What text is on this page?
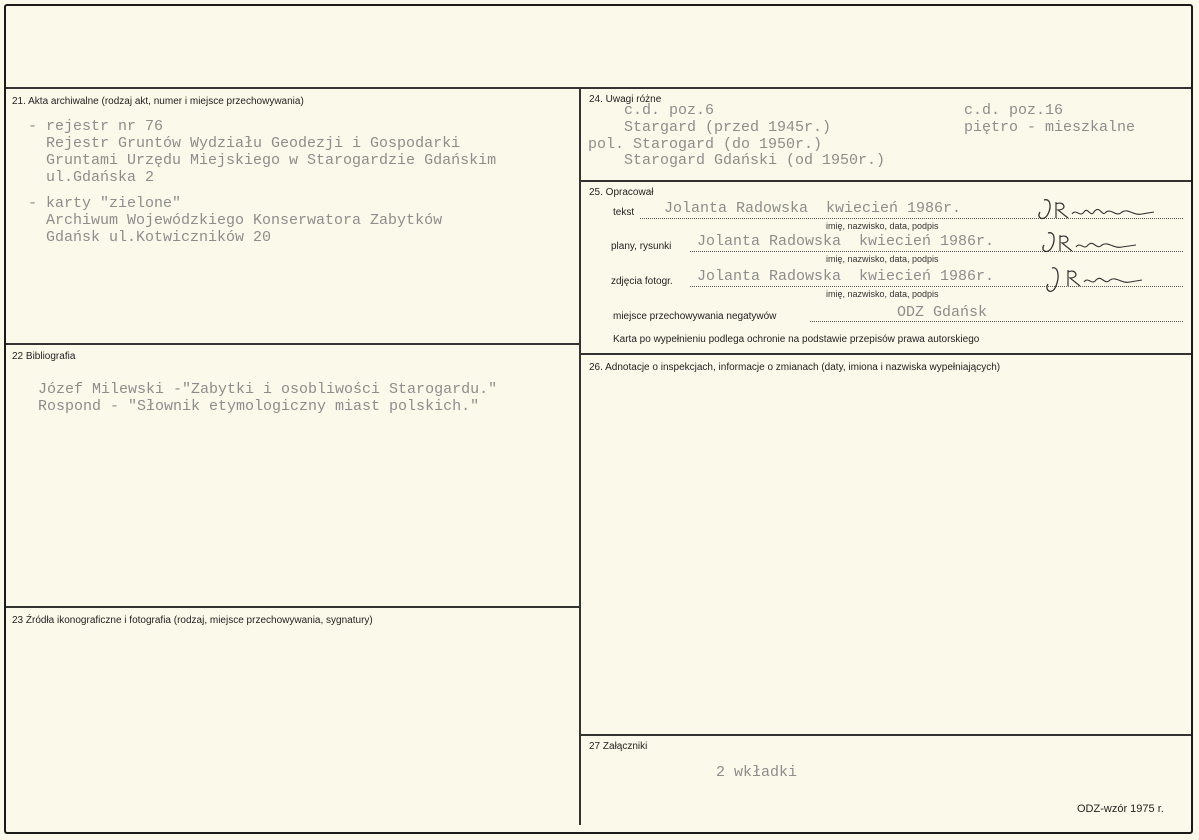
21. Akta archiwalne (rodzaj akt, numer i miejsce przechowywania)
- rejestr nr 76
Rejestr Gruntów Wydziału Geodezji i Gospodarki
Gruntami Urzędu Miejskiego w Starogardzie Gdańskim
ul.Gdańska 2
- karty "zielone"
Archiwum Wojewódzkiego Konserwatora Zabytków
Gdańsk ul.Kotwiczników 20
22 Bibliografia
Józef Milewski -"Zabytki i osobliwości Starogardu."
Rospond - "Słownik etymologiczny miast polskich."
23 Źródła ikonograficzne i fotografia (rodzaj, miejsce przechowywania, sygnatury)
24. Uwagi różne
c.d. poz.6
Stargard (przed 1945r.)
pol. Starogard (do 1950r.)
Starogard Gdański (od 1950r.)
c.d. poz.16
piętro - mieszkalne
25. Opracował
tekst Jolanta Radowska  kwiecień 1986r.
imię, nazwisko, data, podpis
plany, rysunki Jolanta Radowska  kwiecień 1986r.
imię, nazwisko, data, podpis
zdjęcia fotogr. Jolanta Radowska  kwiecień 1986r.
imię, nazwisko, data, podpis
miejsce przechowywania negatywów	ODZ Gdańsk
Karta po wypełnieniu podlega ochronie na podstawie przepisów prawa autorskiego
26. Adnotacje o inspekcjach, informacje o zmianach (daty, imiona i nazwiska wypełniających)
27 Załączniki
2 wkładki
ODZ-wzór 1975 r.
